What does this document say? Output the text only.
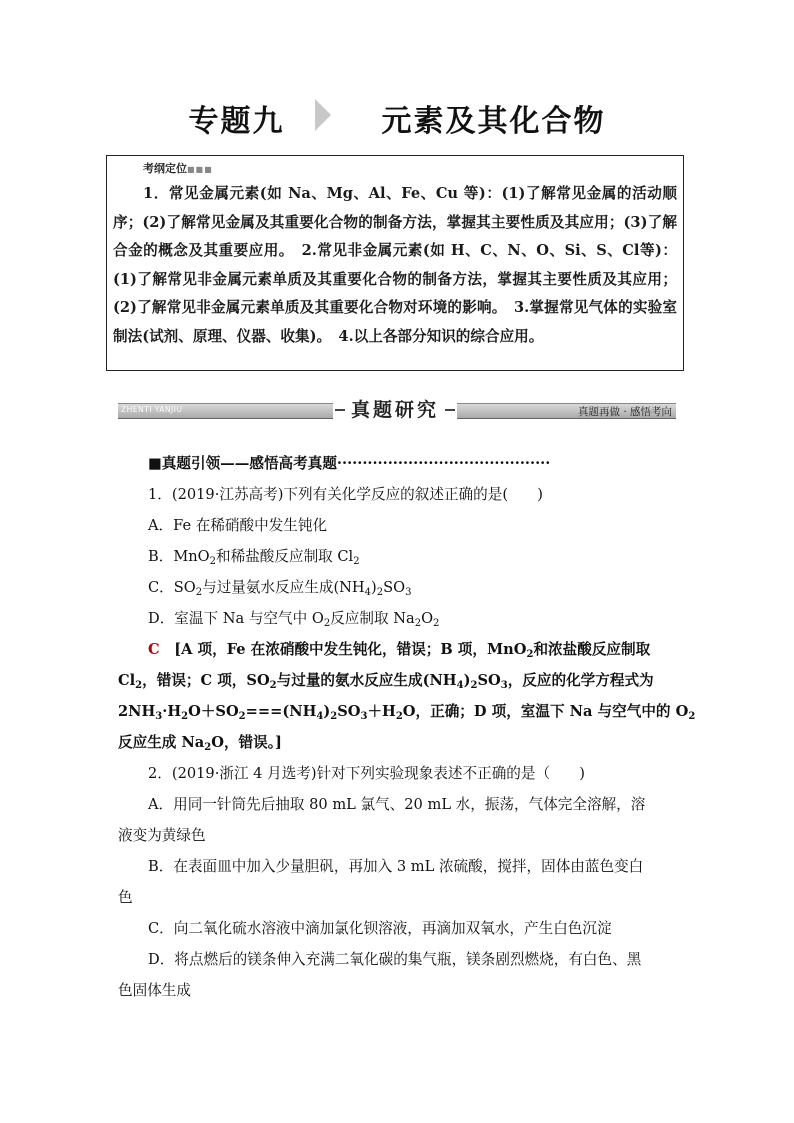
专题九	元素及其化合物
考纲定位■■■
1．常见金属元素(如 Na、Mg、Al、Fe、Cu 等)：(1)了解常见金属的活动顺序；(2)了解常见金属及其重要化合物的制备方法，掌握其主要性质及其应用；(3)了解合金的概念及其重要应用。　2.常见非金属元素(如 H、C、N、O、Si、S、Cl等)：(1)了解常见非金属元素单质及其重要化合物的制备方法，掌握其主要性质及其应用；(2)了解常见非金属元素单质及其重要化合物对环境的影响。　3.掌握常见气体的实验室制法(试剂、原理、仪器、收集)。　4.以上各部分知识的综合应用。
ZHENTI YANJIU	真题研究	真题再做 · 感悟考向
■真题引领——感悟高考真题··········································
1．(2019·江苏高考)下列有关化学反应的叙述正确的是(　　)
A．Fe 在稀硝酸中发生钝化
B．MnO$_2$和稀盐酸反应制取 $Cl_2$
C．$SO_2$与过量氨水反应生成$(NH_4)_2SO_3$
D．室温下 Na 与空气中 $O_2$反应制取 $Na_2O_2$
C　 [A 项，Fe 在浓硝酸中发生钝化，错误；B 项，MnO$_2$和浓盐酸反应制取
$Cl_2$，错误；C 项，$SO_2$与过量的氨水反应生成$(NH_4)_2SO_3$，反应的化学方程式为
$2NH_3\cdot H_2O+SO_2===(NH_4)_2SO_3+H_2O$，正确；D 项，室温下 Na 与空气中的 $O_2$
反应生成 $Na_2O$，错误。]
2．(2019·浙江 4 月选考)针对下列实验现象表述不正确的是（　　)
A．用同一针筒先后抽取 80 mL 氯气、20 mL 水，振荡，气体完全溶解，溶
液变为黄绿色
B．在表面皿中加入少量胆矾，再加入 3 mL 浓硫酸，搅拌，固体由蓝色变白
色
C．向二氧化硫水溶液中滴加氯化钡溶液，再滴加双氧水，产生白色沉淀
D．将点燃后的镁条伸入充满二氧化碳的集气瓶，镁条剧烈燃烧，有白色、黑
色固体生成
